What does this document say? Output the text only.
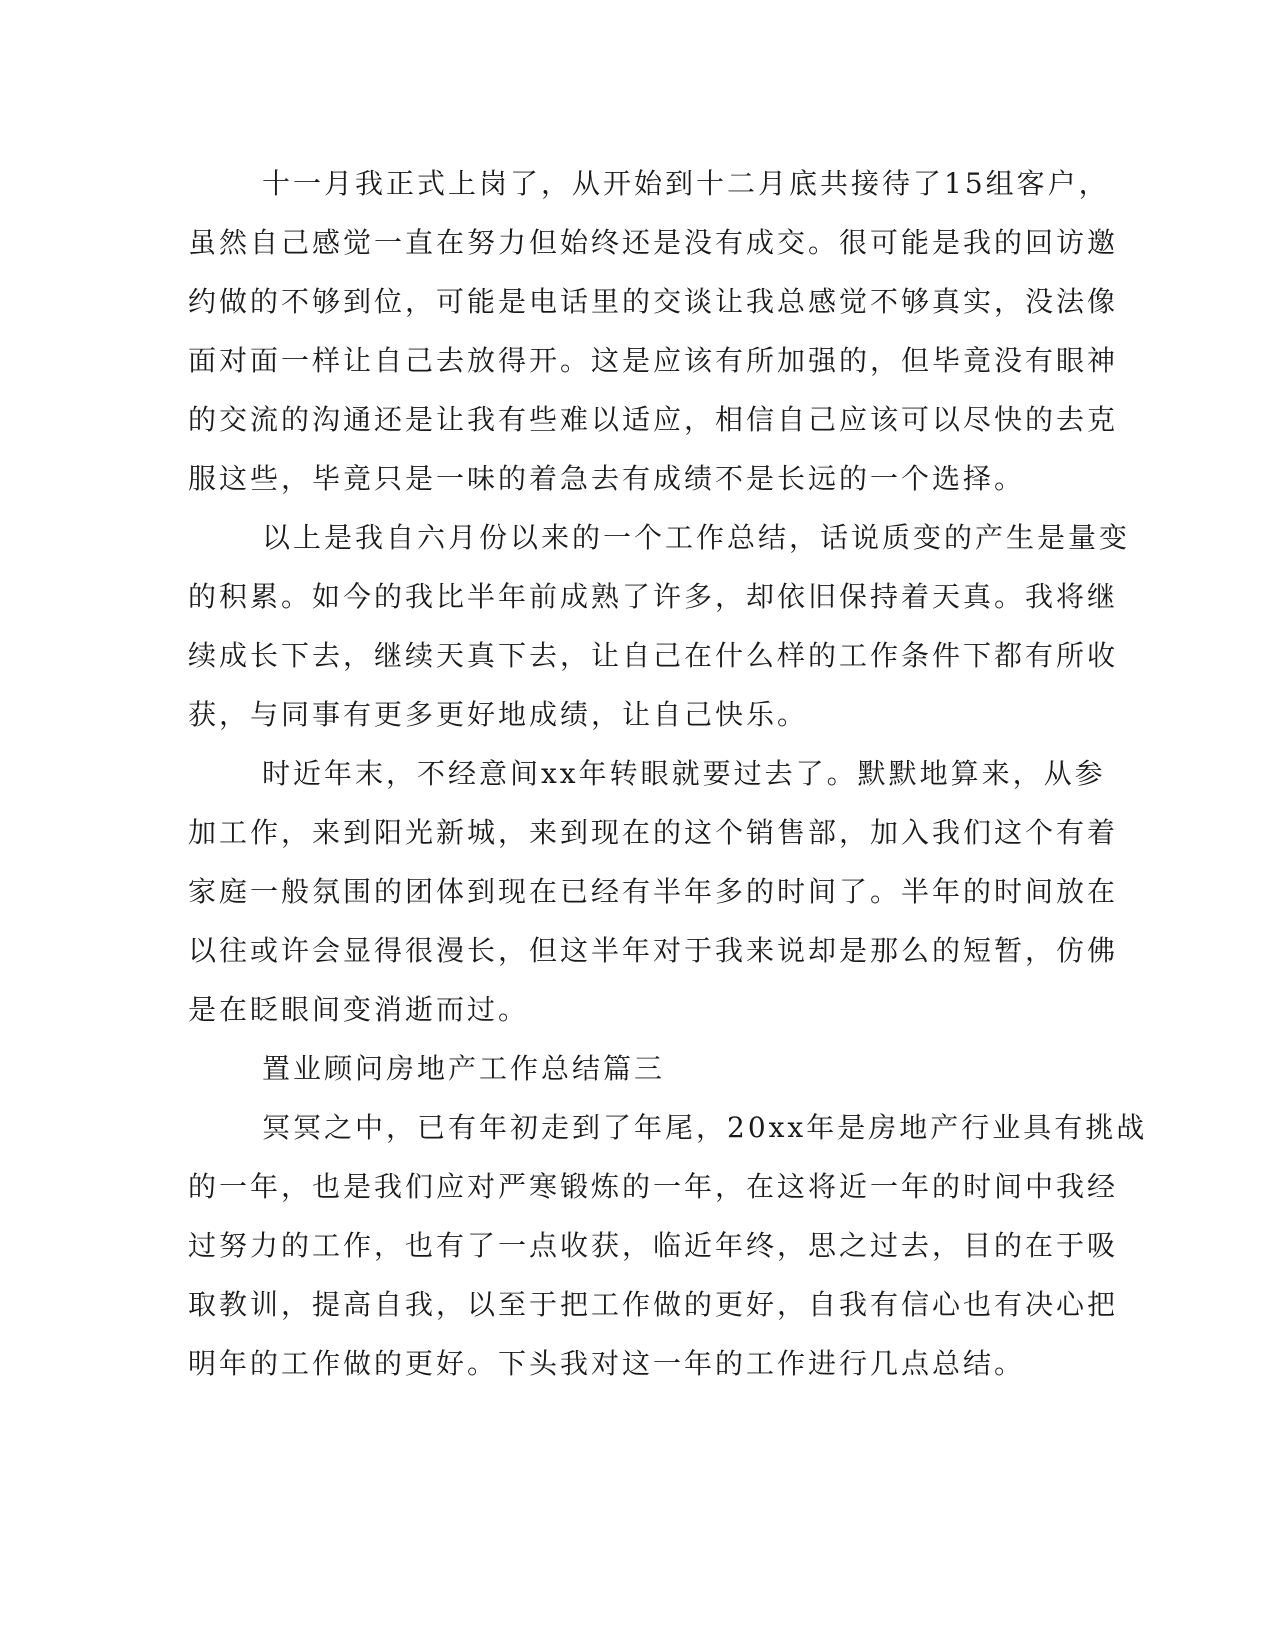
十一月我正式上岗了，从开始到十二月底共接待了15组客户，

虽然自己感觉一直在努力但始终还是没有成交。很可能是我的回访邀

约做的不够到位，可能是电话里的交谈让我总感觉不够真实，没法像

面对面一样让自己去放得开。这是应该有所加强的，但毕竟没有眼神

的交流的沟通还是让我有些难以适应，相信自己应该可以尽快的去克

服这些，毕竟只是一味的着急去有成绩不是长远的一个选择。

以上是我自六月份以来的一个工作总结，话说质变的产生是量变

的积累。如今的我比半年前成熟了许多，却依旧保持着天真。我将继

续成长下去，继续天真下去，让自己在什么样的工作条件下都有所收

获，与同事有更多更好地成绩，让自己快乐。

时近年末，不经意间xx年转眼就要过去了。默默地算来，从参

加工作，来到阳光新城，来到现在的这个销售部，加入我们这个有着

家庭一般氛围的团体到现在已经有半年多的时间了。半年的时间放在

以往或许会显得很漫长，但这半年对于我来说却是那么的短暂，仿佛

是在眨眼间变消逝而过。

置业顾问房地产工作总结篇三

冥冥之中，已有年初走到了年尾，20xx年是房地产行业具有挑战

的一年，也是我们应对严寒锻炼的一年，在这将近一年的时间中我经

过努力的工作，也有了一点收获，临近年终，思之过去，目的在于吸

取教训，提高自我，以至于把工作做的更好，自我有信心也有决心把

明年的工作做的更好。下头我对这一年的工作进行几点总结。
